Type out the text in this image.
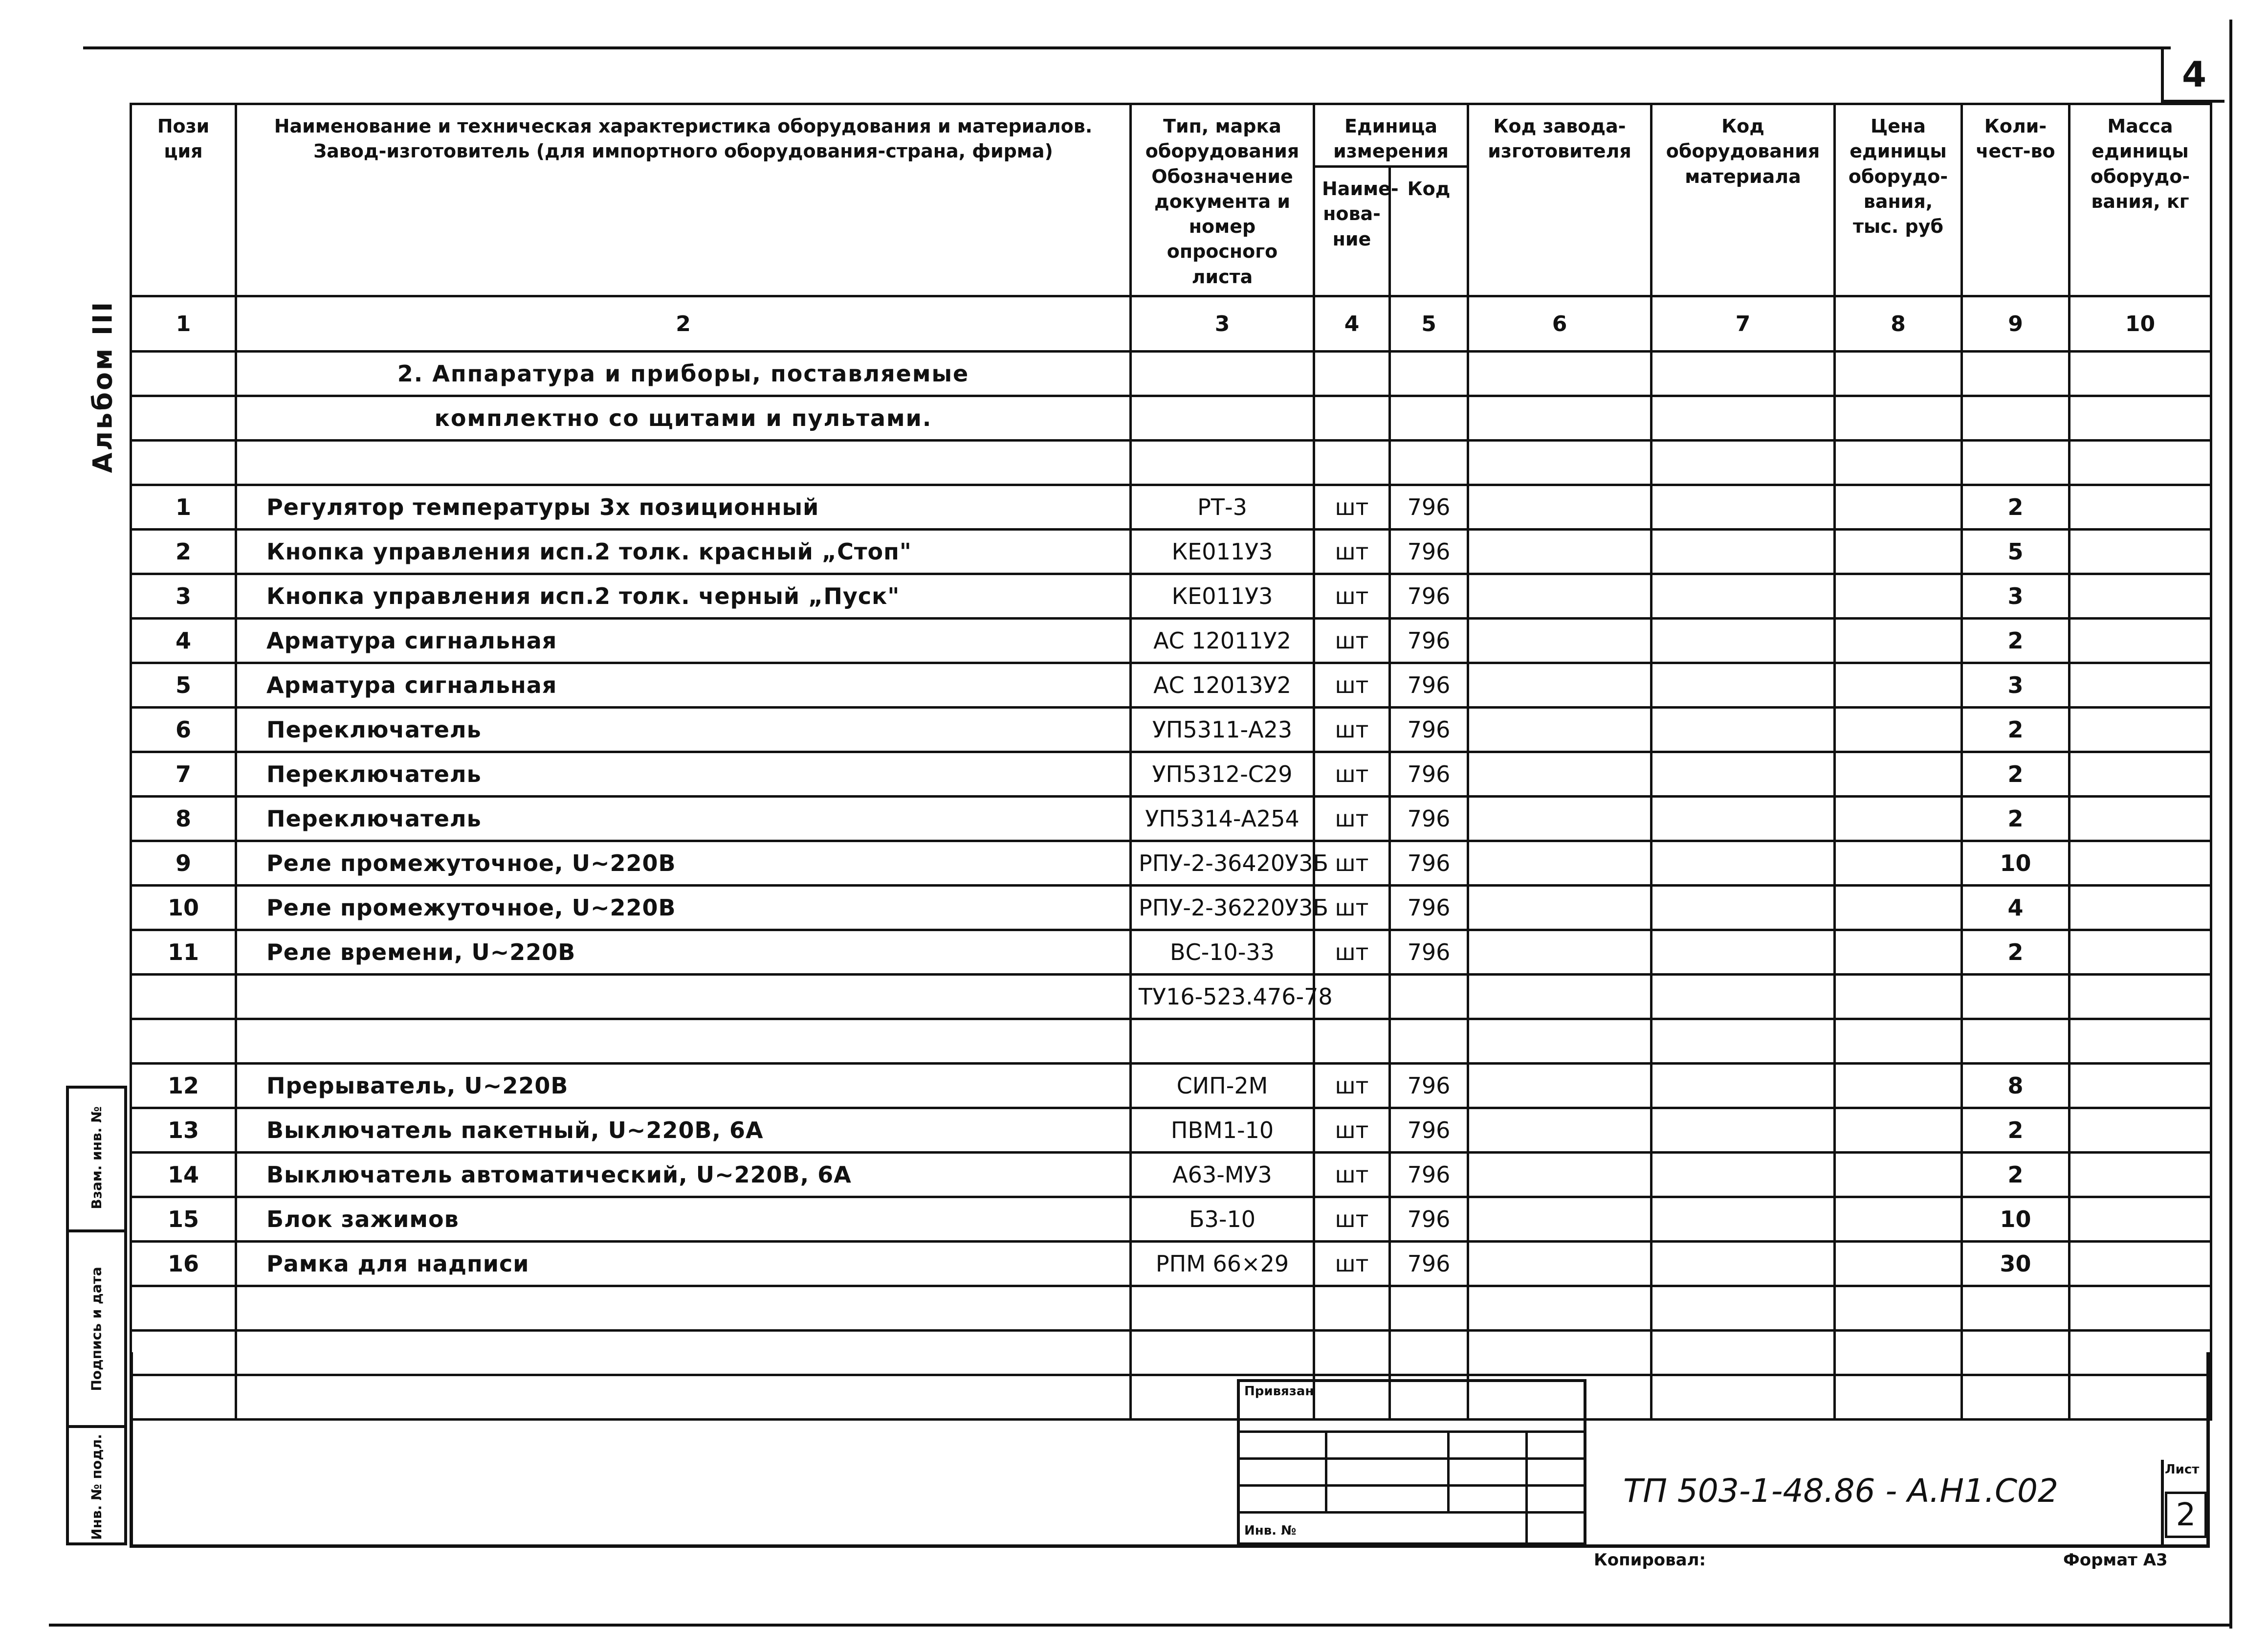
4
Альбом III
Пози ция	Наименование и техническая характеристика оборудования и материалов. Завод-изготовитель (для импортного оборудования-страна, фирма)	Тип, марка оборудования Обозначение документа и номер опросного листа	Единица измерения		Код завода-изготовителя	Код оборудования материала	Цена единицы оборудо-вания, тыс. руб	Коли-чест-во	Масса единицы оборудо-вания, кг
			Наиме-нова-ние	Код					
1	2	3	4	5	6	7	8	9	10
	2. Аппаратура и приборы, поставляемые								
	комплектно со щитами и пультами.								

1	Регулятор температуры 3х позиционный	РТ-3	шт	796				2	
2	Кнопка управления исп.2 толк. красный „Стоп"	КЕ011У3	шт	796				5	
3	Кнопка управления исп.2 толк. черный „Пуск"	КЕ011У3	шт	796				3	
4	Арматура сигнальная	АС 12011У2	шт	796				2	
5	Арматура сигнальная	АС 12013У2	шт	796				3	
6	Переключатель	УП5311-А23	шт	796				2	
7	Переключатель	УП5312-С29	шт	796				2	
8	Переключатель	УП5314-А254	шт	796				2	
9	Реле промежуточное, U~220В	РПУ-2-36420У3Б	шт	796				10	
10	Реле промежуточное, U~220В	РПУ-2-36220У3Б	шт	796				4	
11	Реле времени, U~220В	ВС-10-33	шт	796				2	
		ТУ16-523.476-78							

12	Прерыватель, U~220В	СИП-2М	шт	796				8	
13	Выключатель пакетный, U~220В, 6А	ПВМ1-10	шт	796				2	
14	Выключатель автоматический, U~220В, 6А	А63-МУ3	шт	796				2	
15	Блок зажимов	Б3-10	шт	796				10	
16	Рамка для надписи	РПМ 66×29	шт	796				30	

Взам. инв. №
Подпись и дата
Инв. № подл.
Привязан
Инв. №
ТП 503-1-48.86 - А.Н1.С02
Лист
2
Копировал:	Формат А3
